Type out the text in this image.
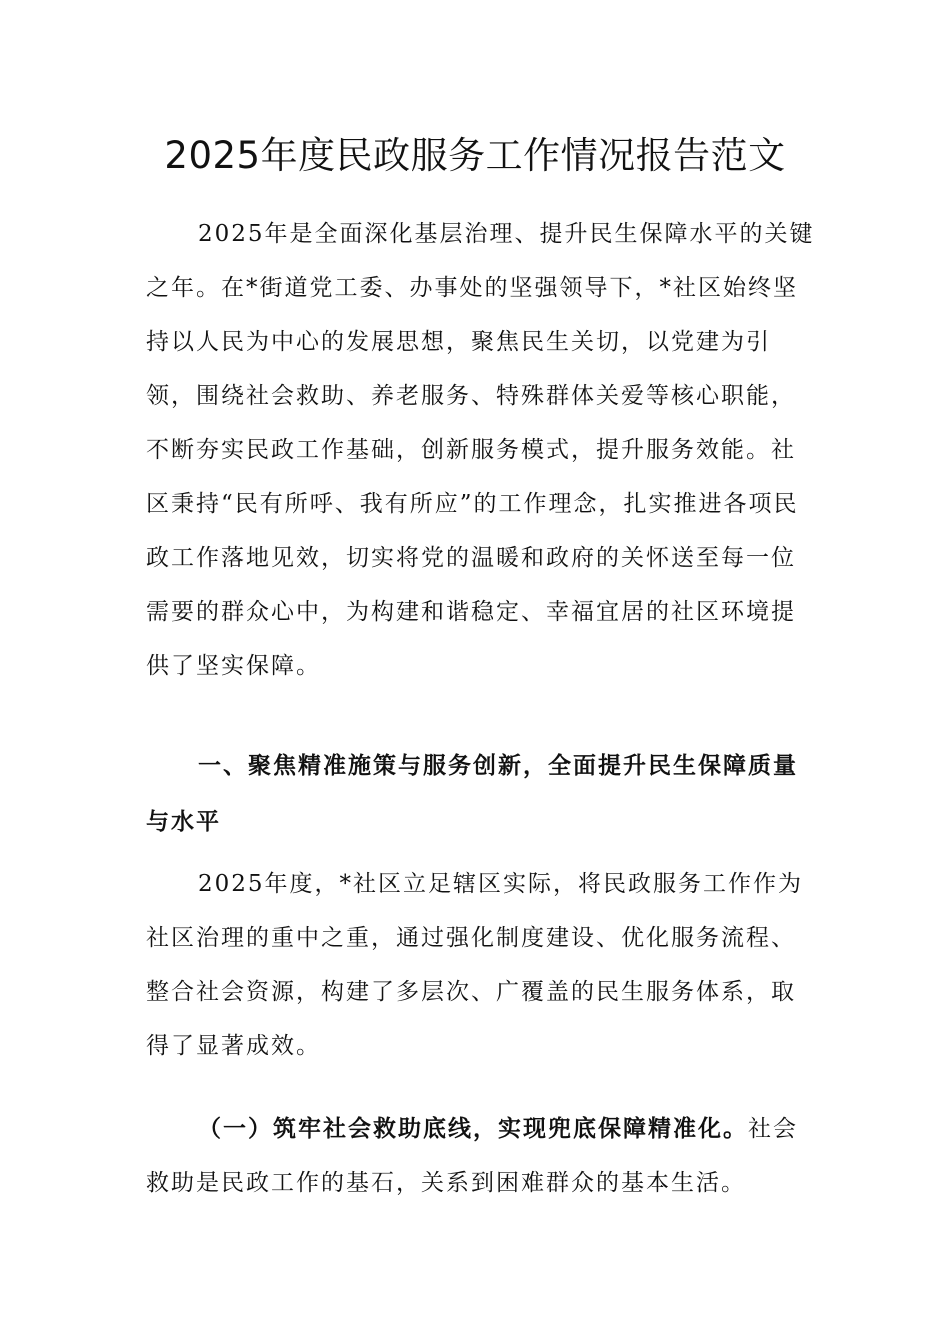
2025年度民政服务工作情况报告范文

2025年是全面深化基层治理、提升民生保障水平的关键之年。在*街道党工委、办事处的坚强领导下，*社区始终坚持以人民为中心的发展思想，聚焦民生关切，以党建为引领，围绕社会救助、养老服务、特殊群体关爱等核心职能，不断夯实民政工作基础，创新服务模式，提升服务效能。社区秉持“民有所呼、我有所应”的工作理念，扎实推进各项民政工作落地见效，切实将党的温暖和政府的关怀送至每一位需要的群众心中，为构建和谐稳定、幸福宜居的社区环境提供了坚实保障。

一、聚焦精准施策与服务创新，全面提升民生保障质量与水平

2025年度，*社区立足辖区实际，将民政服务工作作为社区治理的重中之重，通过强化制度建设、优化服务流程、整合社会资源，构建了多层次、广覆盖的民生服务体系，取得了显著成效。

（一）筑牢社会救助底线，实现兜底保障精准化。社会救助是民政工作的基石，关系到困难群众的基本生活。
